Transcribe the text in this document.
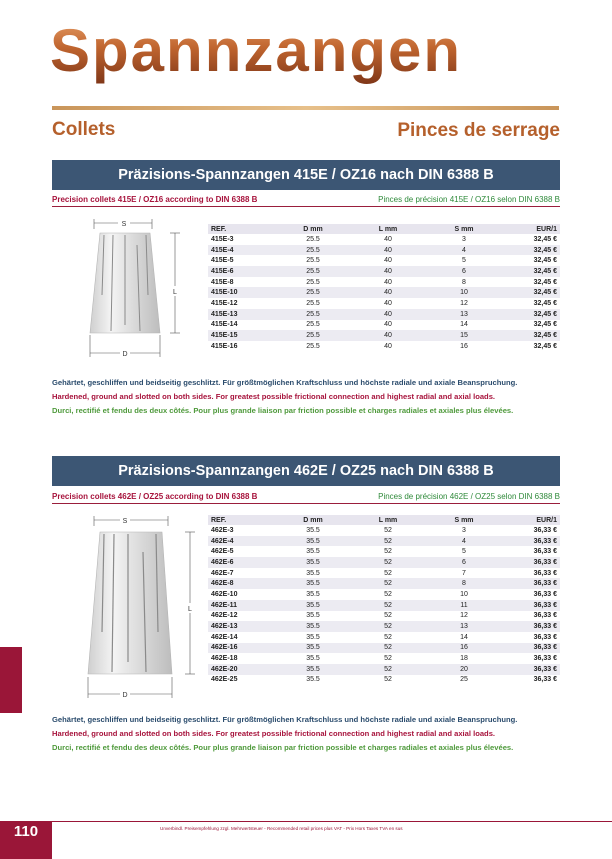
Spannzangen
Collets	Pinces de serrage
Präzisions-Spannzangen 415E / OZ16 nach DIN 6388 B
Precision collets 415E / OZ16 according to DIN 6388 B	Pinces de précision 415E / OZ16 selon DIN 6388 B
S
L
D
REF.	D mm	L mm	S mm	EUR/1
415E-3	25.5	40	3	32,45 €
415E-4	25.5	40	4	32,45 €
415E-5	25.5	40	5	32,45 €
415E-6	25.5	40	6	32,45 €
415E-8	25.5	40	8	32,45 €
415E-10	25.5	40	10	32,45 €
415E-12	25.5	40	12	32,45 €
415E-13	25.5	40	13	32,45 €
415E-14	25.5	40	14	32,45 €
415E-15	25.5	40	15	32,45 €
415E-16	25.5	40	16	32,45 €
Gehärtet, geschliffen und beidseitig geschlitzt. Für größtmöglichen Kraftschluss und höchste radiale und axiale Beanspruchung.
Hardened, ground and slotted on both sides. For greatest possible frictional connection and highest radial and axial loads.
Durci, rectifié et fendu des deux côtés. Pour plus grande liaison par friction possible et charges radiales et axiales plus élevées.
Präzisions-Spannzangen 462E / OZ25 nach DIN 6388 B
Precision collets 462E / OZ25 according to DIN 6388 B	Pinces de précision 462E / OZ25 selon DIN 6388 B
S
L
D
REF.	D mm	L mm	S mm	EUR/1
462E-3	35.5	52	3	36,33 €
462E-4	35.5	52	4	36,33 €
462E-5	35.5	52	5	36,33 €
462E-6	35.5	52	6	36,33 €
462E-7	35.5	52	7	36,33 €
462E-8	35.5	52	8	36,33 €
462E-10	35.5	52	10	36,33 €
462E-11	35.5	52	11	36,33 €
462E-12	35.5	52	12	36,33 €
462E-13	35.5	52	13	36,33 €
462E-14	35.5	52	14	36,33 €
462E-16	35.5	52	16	36,33 €
462E-18	35.5	52	18	36,33 €
462E-20	35.5	52	20	36,33 €
462E-25	35.5	52	25	36,33 €
Gehärtet, geschliffen und beidseitig geschlitzt. Für größtmöglichen Kraftschluss und höchste radiale und axiale Beanspruchung.
Hardened, ground and slotted on both sides. For greatest possible frictional connection and highest radial and axial loads.
Durci, rectifié et fendu des deux côtés. Pour plus grande liaison par friction possible et charges radiales et axiales plus élevées.
110	Unverbindl. Preisempfehlung zzgl. Mehrwertsteuer - Recommended retail prices plus VAT - Prix Hors Taxes TVA en sus
